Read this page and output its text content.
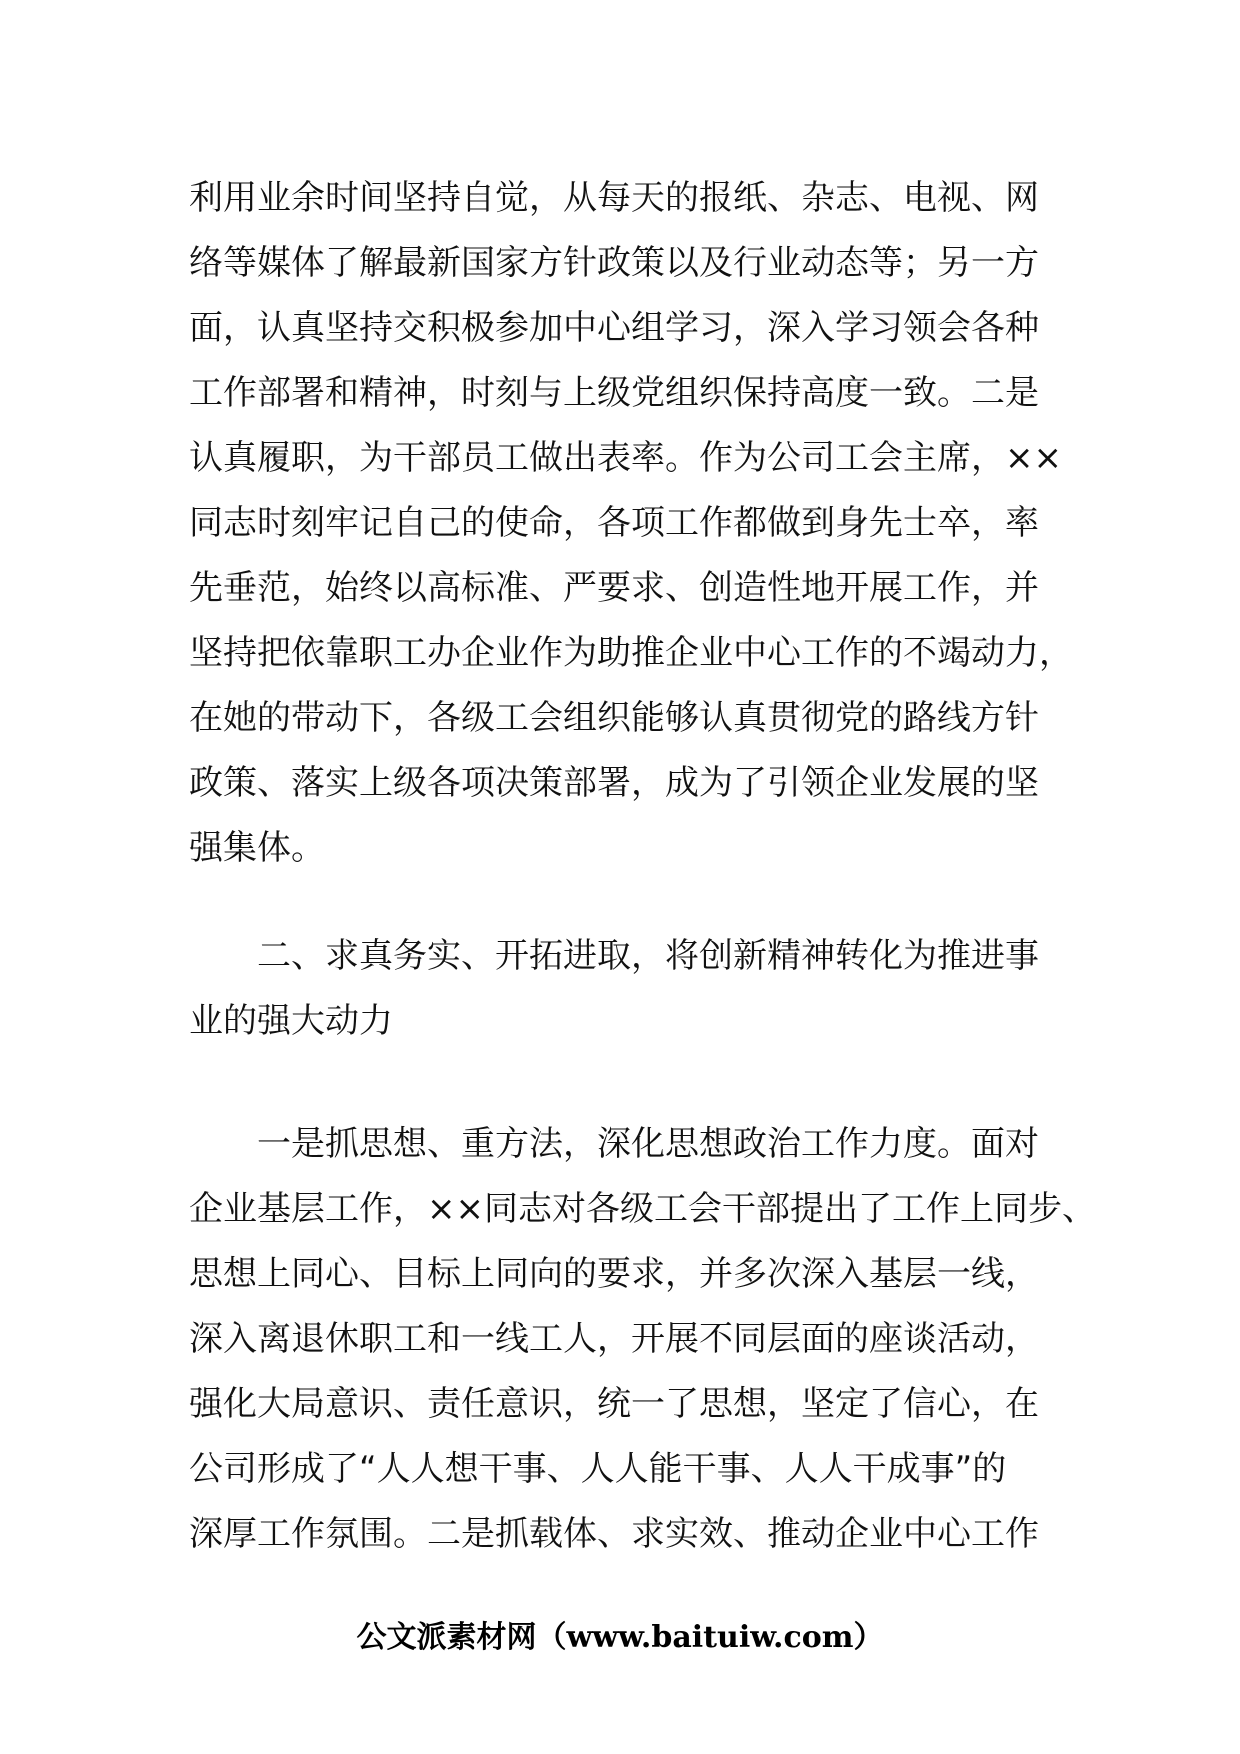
利用业余时间坚持自觉，从每天的报纸、杂志、电视、网
络等媒体了解最新国家方针政策以及行业动态等；另一方
面，认真坚持交积极参加中心组学习，深入学习领会各种
工作部署和精神，时刻与上级党组织保持高度一致。二是
认真履职，为干部员工做出表率。作为公司工会主席，××
同志时刻牢记自己的使命，各项工作都做到身先士卒，率
先垂范，始终以高标准、严要求、创造性地开展工作，并
坚持把依靠职工办企业作为助推企业中心工作的不竭动力，
在她的带动下，各级工会组织能够认真贯彻党的路线方针
政策、落实上级各项决策部署，成为了引领企业发展的坚
强集体。
二、求真务实、开拓进取，将创新精神转化为推进事
业的强大动力
一是抓思想、重方法，深化思想政治工作力度。面对
企业基层工作，××同志对各级工会干部提出了工作上同步、
思想上同心、目标上同向的要求，并多次深入基层一线，
深入离退休职工和一线工人，开展不同层面的座谈活动，
强化大局意识、责任意识，统一了思想，坚定了信心，在
公司形成了“人人想干事、人人能干事、人人干成事”的
深厚工作氛围。二是抓载体、求实效、推动企业中心工作
公文派素材网（www.baituiw.com）
